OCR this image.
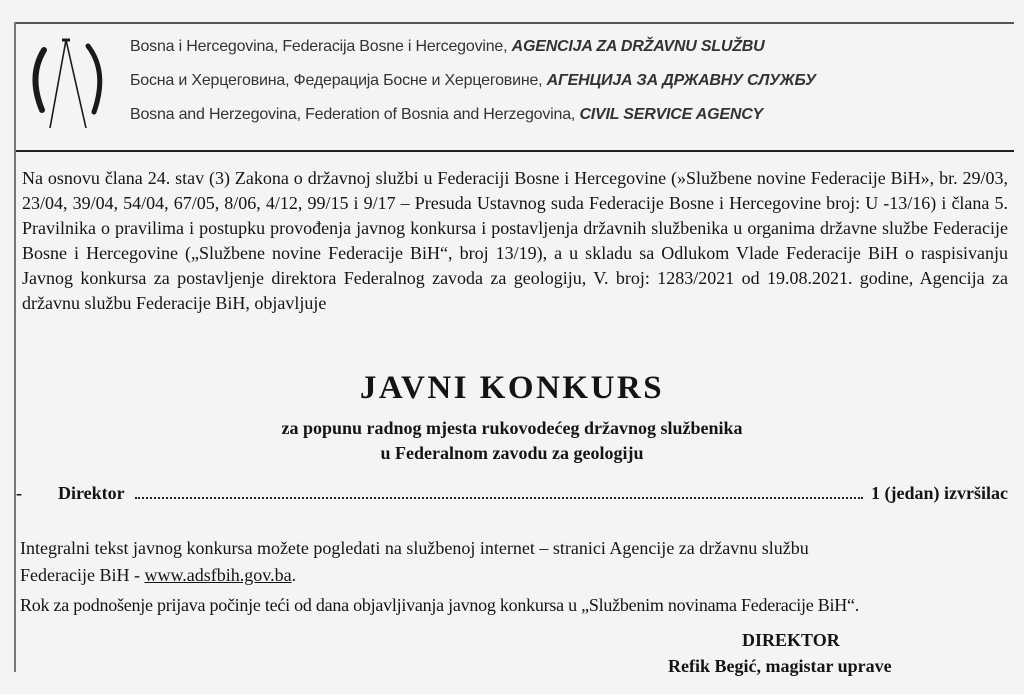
Bosna i Hercegovina, Federacija Bosne i Hercegovine, AGENCIJA ZA DRŽAVNU SLUŽBU
Босна и Херцеговина, Федерација Босне и Херцеговине, АГЕНЦИЈА ЗА ДРЖАВНУ СЛУЖБУ
Bosna and Herzegovina, Federation of Bosnia and Herzegovina, CIVIL SERVICE AGENCY

Na osnovu člana 24. stav (3) Zakona o državnoj službi u Federaciji Bosne i Hercegovine (»Službene novine Federacije BiH», br. 29/03, 23/04, 39/04, 54/04, 67/05, 8/06, 4/12, 99/15 i 9/17 – Presuda Ustavnog suda Federacije Bosne i Hercegovine broj: U -13/16) i člana 5. Pravilnika o pravilima i postupku provođenja javnog konkursa i postavljenja državnih službenika u organima državne službe Federacije Bosne i Hercegovine („Službene novine Federacije BiH“, broj 13/19), a u skladu sa Odlukom Vlade Federacije BiH o raspisivanju Javnog konkursa za postavljenje direktora Federalnog zavoda za geologiju, V. broj: 1283/2021 od 19.08.2021. godine, Agencija za državnu službu Federacije BiH, objavljuje

JAVNI KONKURS
za popunu radnog mjesta rukovodećeg državnog službenika
u Federalnom zavodu za geologiju
-	Direktor	1 (jedan) izvršilac
Integralni tekst javnog konkursa možete pogledati na službenoj internet – stranici Agencije za državnu službu
Federacije BiH - www.adsfbih.gov.ba.
Rok za podnošenje prijava počinje teći od dana objavljivanja javnog konkursa u „Službenim novinama Federacije BiH“.
DIREKTOR
Refik Begić, magistar uprave
